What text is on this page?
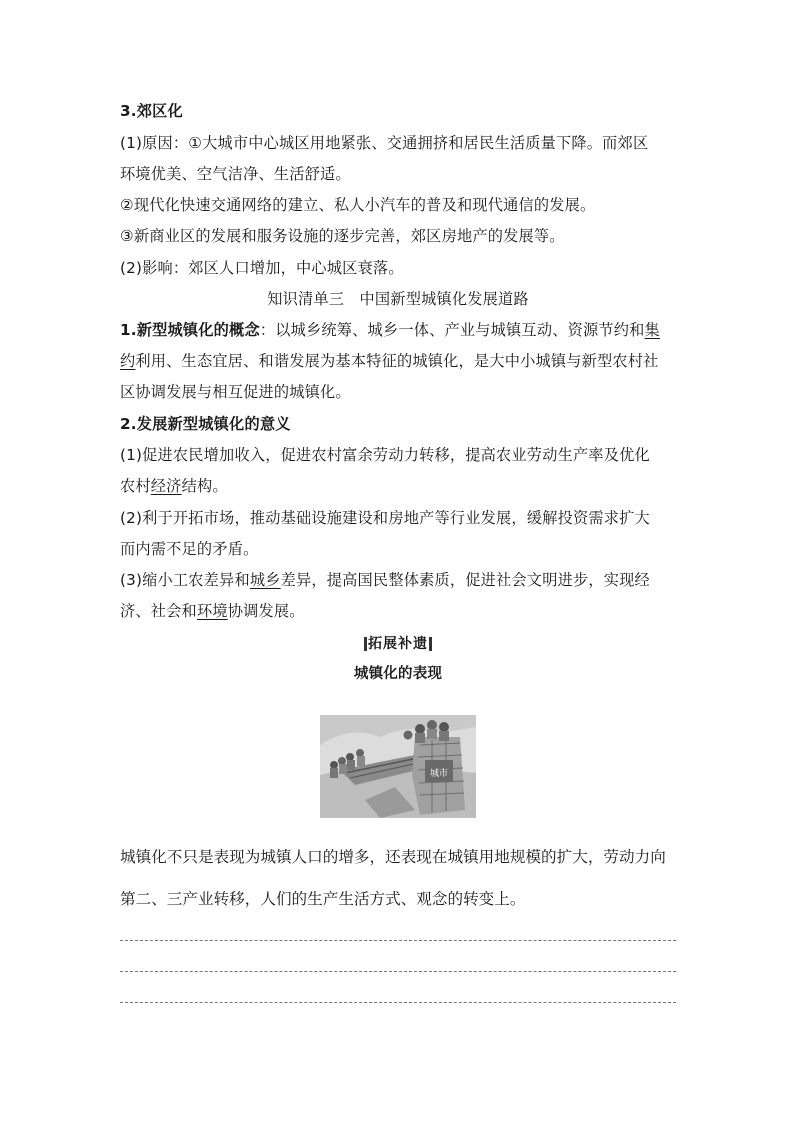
3.郊区化
(1)原因：①大城市中心城区用地紧张、交通拥挤和居民生活质量下降。而郊区
环境优美、空气洁净、生活舒适。
②现代化快速交通网络的建立、私人小汽车的普及和现代通信的发展。
③新商业区的发展和服务设施的逐步完善，郊区房地产的发展等。
(2)影响：郊区人口增加，中心城区衰落。
知识清单三　中国新型城镇化发展道路
1.新型城镇化的概念：以城乡统筹、城乡一体、产业与城镇互动、资源节约和集
约利用、生态宜居、和谐发展为基本特征的城镇化，是大中小城镇与新型农村社
区协调发展与相互促进的城镇化。
2.发展新型城镇化的意义
(1)促进农民增加收入，促进农村富余劳动力转移，提高农业劳动生产率及优化
农村经济结构。
(2)利于开拓市场，推动基础设施建设和房地产等行业发展，缓解投资需求扩大
而内需不足的矛盾。
(3)缩小工农差异和城乡差异，提高国民整体素质，促进社会文明进步，实现经
济、社会和环境协调发展。
拓展补遗
城镇化的表现
城市
城镇化不只是表现为城镇人口的增多，还表现在城镇用地规模的扩大，劳动力向
第二、三产业转移，人们的生产生活方式、观念的转变上。
